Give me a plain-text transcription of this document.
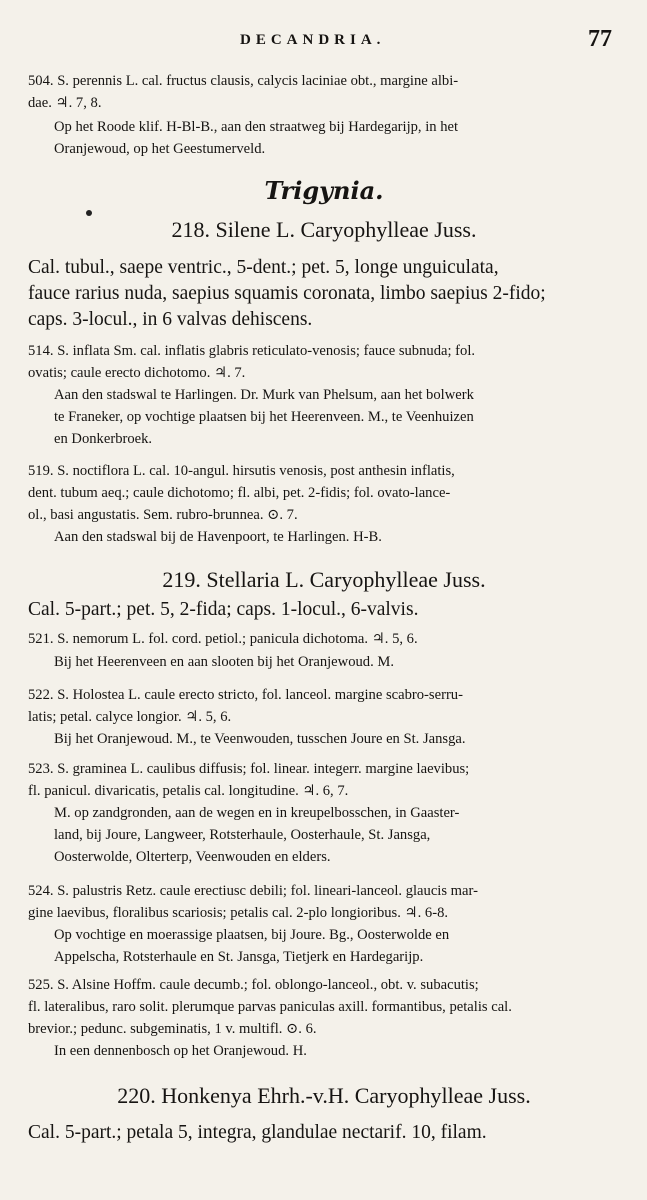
DECANDRIA.	77
504. S. perennis L. cal. fructus clausis, calycis laciniae obt., margine albi-
dae. ♃. 7, 8.
Op het Roode klif. H-Bl-B., aan den straatweg bij Hardegarijp, in het
Oranjewoud, op het Geestumerveld.
Trigynia.
218. Silene L. Caryophylleae Juss.
Cal. tubul., saepe ventric., 5-dent.; pet. 5, longe unguiculata,
fauce rarius nuda, saepius squamis coronata, limbo saepius 2-fido;
caps. 3-locul., in 6 valvas dehiscens.
514. S. inflata Sm. cal. inflatis glabris reticulato-venosis; fauce subnuda; fol.
ovatis; caule erecto dichotomo. ♃. 7.
Aan den stadswal te Harlingen. Dr. Murk van Phelsum, aan het bolwerk
te Franeker, op vochtige plaatsen bij het Heerenveen. M., te Veenhuizen
en Donkerbroek.
519. S. noctiflora L. cal. 10-angul. hirsutis venosis, post anthesin inflatis,
dent. tubum aeq.; caule dichotomo; fl. albi, pet. 2-fidis; fol. ovato-lance-
ol., basi angustatis. Sem. rubro-brunnea. ⊙. 7.
Aan den stadswal bij de Havenpoort, te Harlingen. H-B.
219. Stellaria L. Caryophylleae Juss.
Cal. 5-part.; pet. 5, 2-fida; caps. 1-locul., 6-valvis.
521. S. nemorum L. fol. cord. petiol.; panicula dichotoma. ♃. 5, 6.
Bij het Heerenveen en aan slooten bij het Oranjewoud. M.
522. S. Holostea L. caule erecto stricto, fol. lanceol. margine scabro-serru-
latis; petal. calyce longior. ♃. 5, 6.
Bij het Oranjewoud. M., te Veenwouden, tusschen Joure en St. Jansga.
523. S. graminea L. caulibus diffusis; fol. linear. integerr. margine laevibus;
fl. panicul. divaricatis, petalis cal. longitudine. ♃. 6, 7.
M. op zandgronden, aan de wegen en in kreupelbosschen, in Gaaster-
land, bij Joure, Langweer, Rotsterhaule, Oosterhaule, St. Jansga,
Oosterwolde, Olterterp, Veenwouden en elders.
524. S. palustris Retz. caule erectiusc debili; fol. lineari-lanceol. glaucis mar-
gine laevibus, floralibus scariosis; petalis cal. 2-plo longioribus. ♃. 6-8.
Op vochtige en moerassige plaatsen, bij Joure. Bg., Oosterwolde en
Appelscha, Rotsterhaule en St. Jansga, Tietjerk en Hardegarijp.
525. S. Alsine Hoffm. caule decumb.; fol. oblongo-lanceol., obt. v. subacutis;
fl. lateralibus, raro solit. plerumque parvas paniculas axill. formantibus, petalis cal.
brevior.; pedunc. subgeminatis, 1 v. multifl. ⊙. 6.
In een dennenbosch op het Oranjewoud. H.
220. Honkenya Ehrh.-v.H. Caryophylleae Juss.
Cal. 5-part.; petala 5, integra, glandulae nectarif. 10, filam.
